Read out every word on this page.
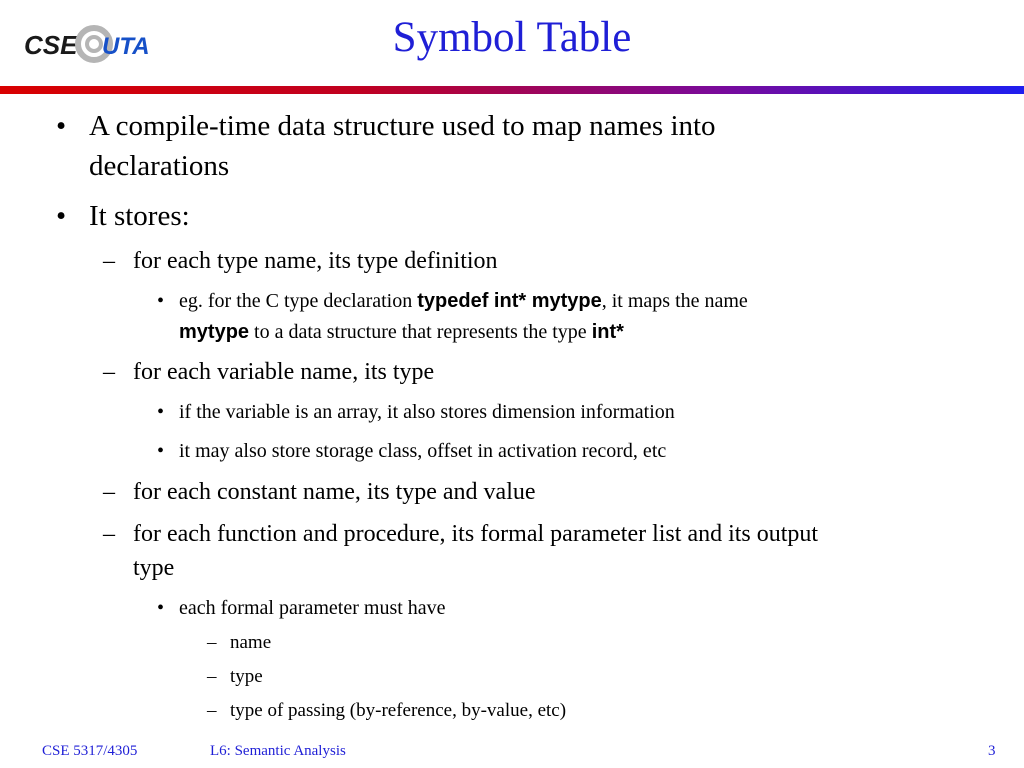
CSE UTA	Symbol Table
• A compile-time data structure used to map names into
declarations
• It stores:
– for each type name, its type definition
• eg. for the C type declaration typedef int* mytype, it maps the name
mytype to a data structure that represents the type int*
– for each variable name, its type
• if the variable is an array, it also stores dimension information
• it may also store storage class, offset in activation record, etc
– for each constant name, its type and value
– for each function and procedure, its formal parameter list and its output
type
• each formal parameter must have
– name
– type
– type of passing (by-reference, by-value, etc)
CSE 5317/4305	L6: Semantic Analysis	3
